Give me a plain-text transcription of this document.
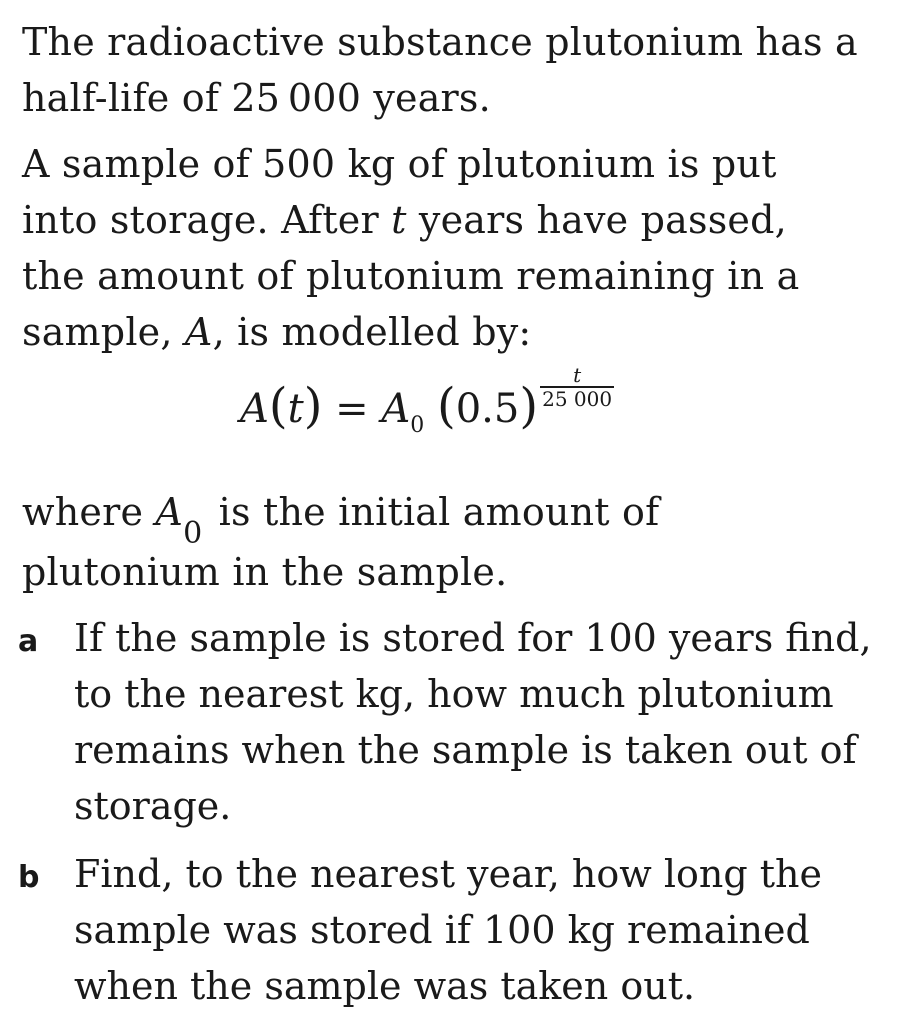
The radioactive substance plutonium has a
half-life of 25 000 years.

A sample of 500 kg of plutonium is put
into storage. After t years have passed,
the amount of plutonium remaining in a
sample, A, is modelled by:

$A(t) = A_0$ $(0.5) \frac{t}{25 000}$

where $A_0$ is the initial amount of
plutonium in the sample.

a If the sample is stored for 100 years find,
to the nearest kg, how much plutonium
remains when the sample is taken out of
storage.
b Find, to the nearest year, how long the
sample was stored if 100 kg remained
when the sample was taken out.
